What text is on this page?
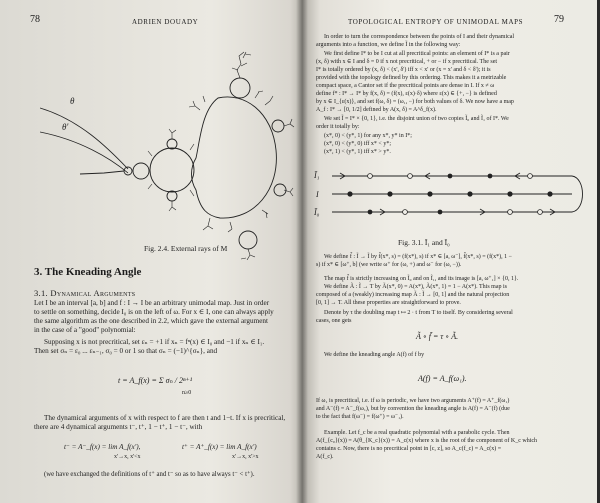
78	ADRIEN DOUADY
θ
θ'
Fig. 2.4. External rays of M
3. The Kneading Angle
3.1. Dynamical Arguments
Let I be an interval [a, b] and f : I → I be an arbitrary unimodal map. Just in order
to settle on something, decide I₀ is on the left of ω. For x ∈ I, one can always apply
the same algorithm as the one described in 2.2, which gave the external argument
in the case of a "good" polynomial:
Supposing x is not precritical, set εₙ = +1 if xₙ = fⁿ(x) ∈ I₀ and −1 if xₙ ∈ I₁.
Then set σₙ = ε₀ ... εₙ₋₁, σ₀ = 0 or 1 so that σₙ = (−1)^{σₙ}, and
t = A_f(x) = Σ σₙ / 2ⁿ⁺¹
n≥0
The dynamical arguments of x with respect to f are then t and 1−t. If x is precritical,
there are 4 dynamical arguments t⁻, t⁺, 1 − t⁺, 1 − t⁻, with
t⁻ = A⁻_f(x) = lim A_f(x'),
x'→x, x'<x
t⁺ = A⁺_f(x) = lim A_f(x')
x'→x, x'>x
(we have exchanged the definitions of t⁺ and t⁻ so as to have always t⁻ < t⁺).
TOPOLOGICAL ENTROPY OF UNIMODAL MAPS	79
In order to turn the correspondence between the points of I and their dynamical
arguments into a function, we define Ĩ in the following way:
We first define I* to be I cut at all precritical points: an element of I* is a pair
(x, δ) with x ∈ I and δ = 0 if x not precritical, + or − if x precritical. The set
I* is totally ordered by (x, δ) < (x', δ') iff x < x' or (x = x' and δ < δ'); it is
provided with the topology defined by this ordering. This makes it a metrizable
compact space, a Cantor set if the precritical points are dense in I. If x ≠ ω
define f* : I* → I* by f(x, δ) = (f(x), ε(x)·δ) where ε(x) ∈ {+, −} is defined
by x ∈ I_{ε(x)}, and set f(ω, δ) = (ω₁, −) for both values of δ. We now have a map
A_f : I* → [0, 1/2] defined by A(x, δ) = A^δ_f(x).
We set Ĩ = I* × {0, 1}, i.e. the disjoint union of two copies Ĩ₀ and Ĩ₁ of I*. We
order it totally by:
(x*, 0) < (y*, 1) for any x*, y* in I*;
(x*, 0) < (y*, 0) iff x* < y*;
(x*, 1) < (y*, 1) iff x* > y*.
Ĩ₁
I
Ĩ₀
Fig. 3.1. Ĩ₁ and Ĩ₀
We define f̃ : Ĩ → Ĩ by f̃(x*, s) = (f(x*), s) if x* ∈ [a, ω⁻], f̃(x*, s) = (f(x*), 1 −
s) if x* ∈ [ω⁺, b] (we write ω⁺ for (ω, +) and ω⁻ for (ω, −)).
The map f̃ is strictly increasing on Ĩ₀ and on Ĩ₁, and its image is [a, ω⁺₁] × {0, 1}.
We define Ã : Ĩ → T by Ã(x*, 0) = A(x*), Ã(x*, 1) = 1 − A(x*). This map is
composed of a (weakly) increasing map Ã : Ĩ → [0, 1] and the natural projection
[0, 1] → T. All these properties are straightforward to prove.
Denote by τ the doubling map t ↦ 2 · t from T to itself. By considering several
cases, one gets
Ã ∘ f̃ = τ ∘ Ã.
We define the kneading angle A(f) of f by
A(f) = A_f(ω₁).
If ω₁ is precritical, i.e. if ω is periodic, we have two arguments A⁺(f) = A⁺_f(ω₁)
and A⁻(f) = A⁻_f(ω₁), but by convention the kneading angle is A(f) = A⁻(f) (due
to the fact that f(ω⁻) = f(ω⁺) = ω⁻₁).
Example. Let f_c be a real quadratic polynomial with a parabolic cycle. Then
A(f_{c₀}(x)) = A(θ_{K_c}(x)) = A_c(x) where x is the root of the component of K_c which
contains c. Now, there is no precritical point in [c, z], so A_c(f_c) = A_c(x) =
A(f_c).
